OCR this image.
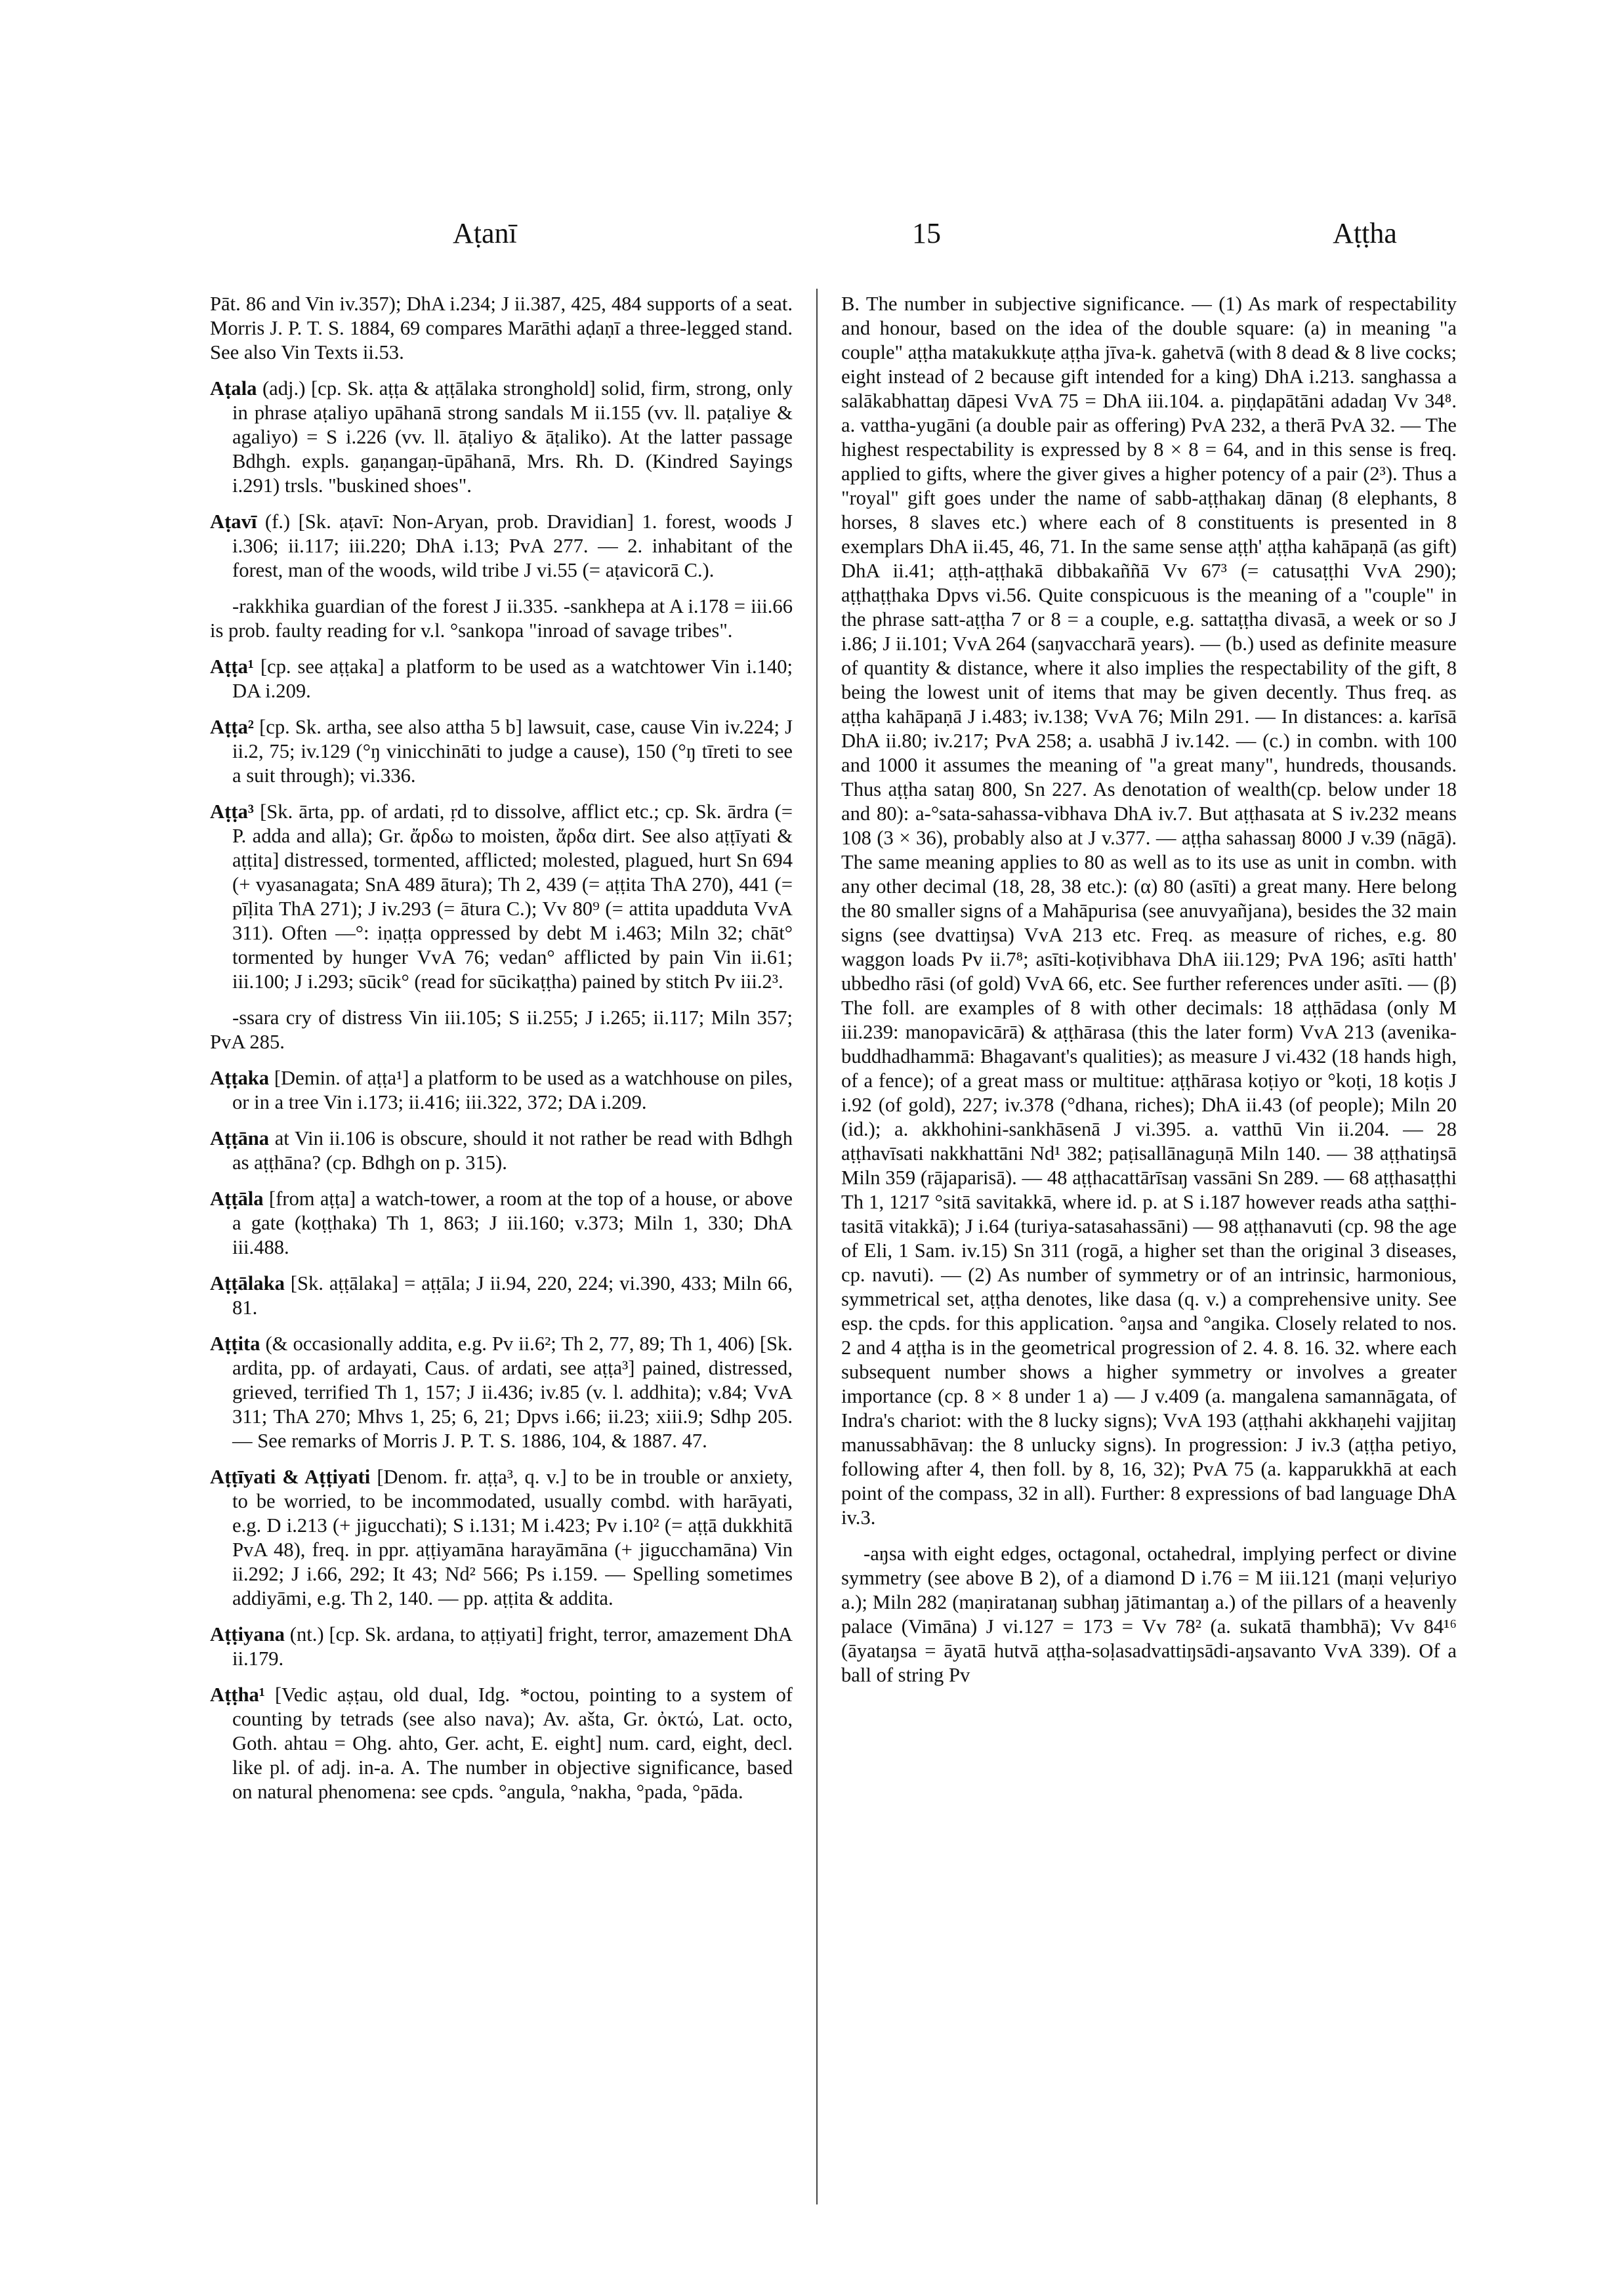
Aṭanī	15	Aṭṭha

Pāt. 86 and Vin iv.357); DhA i.234; J ii.387, 425, 484 supports of a seat. Morris J. P. T. S. 1884, 69 compares Marāthi aḍaṇī a three-legged stand. See also Vin Texts ii.53.

Aṭala (adj.) [cp. Sk. aṭṭa & aṭṭālaka stronghold] solid, firm, strong, only in phrase aṭaliyo upāhanā strong sandals M ii.155 (vv. ll. paṭaliye & agaliyo) = S i.226 (vv. ll. āṭaliyo & āṭaliko). At the latter passage Bdhgh. expls. gaṇangaṇ-ūpāhanā, Mrs. Rh. D. (Kindred Sayings i.291) trsls. "buskined shoes".

Aṭavī (f.) [Sk. aṭavī: Non-Aryan, prob. Dravidian] 1. forest, woods J i.306; ii.117; iii.220; DhA i.13; PvA 277. — 2. inhabitant of the forest, man of the woods, wild tribe J vi.55 (= aṭavicorā C.).

-rakkhika guardian of the forest J ii.335. -sankhepa at A i.178 = iii.66 is prob. faulty reading for v.l. °sankopa "inroad of savage tribes".

Aṭṭa¹ [cp. see aṭṭaka] a platform to be used as a watchtower Vin i.140; DA i.209.

Aṭṭa² [cp. Sk. artha, see also attha 5 b] lawsuit, case, cause Vin iv.224; J ii.2, 75; iv.129 (°ŋ vinicchināti to judge a cause), 150 (°ŋ tīreti to see a suit through); vi.336.

Aṭṭa³ [Sk. ārta, pp. of ardati, ṛd to dissolve, afflict etc.; cp. Sk. ārdra (= P. adda and alla); Gr. ἄρδω to moisten, ἄρδα dirt. See also aṭṭīyati & aṭṭita] distressed, tormented, afflicted; molested, plagued, hurt Sn 694 (+ vyasanagata; SnA 489 ātura); Th 2, 439 (= aṭṭita ThA 270), 441 (= pīḷita ThA 271); J iv.293 (= ātura C.); Vv 80⁹ (= attita upadduta VvA 311). Often —°: iṇaṭṭa oppressed by debt M i.463; Miln 32; chāt° tormented by hunger VvA 76; vedan° afflicted by pain Vin ii.61; iii.100; J i.293; sūcik° (read for sūcikaṭṭha) pained by stitch Pv iii.2³.

-ssara cry of distress Vin iii.105; S ii.255; J i.265; ii.117; Miln 357; PvA 285.

Aṭṭaka [Demin. of aṭṭa¹] a platform to be used as a watchhouse on piles, or in a tree Vin i.173; ii.416; iii.322, 372; DA i.209.

Aṭṭāna at Vin ii.106 is obscure, should it not rather be read with Bdhgh as aṭṭhāna? (cp. Bdhgh on p. 315).

Aṭṭāla [from aṭṭa] a watch-tower, a room at the top of a house, or above a gate (koṭṭhaka) Th 1, 863; J iii.160; v.373; Miln 1, 330; DhA iii.488.

Aṭṭālaka [Sk. aṭṭālaka] = aṭṭāla; J ii.94, 220, 224; vi.390, 433; Miln 66, 81.

Aṭṭita (& occasionally addita, e.g. Pv ii.6²; Th 2, 77, 89; Th 1, 406) [Sk. ardita, pp. of ardayati, Caus. of ardati, see aṭṭa³] pained, distressed, grieved, terrified Th 1, 157; J ii.436; iv.85 (v. l. addhita); v.84; VvA 311; ThA 270; Mhvs 1, 25; 6, 21; Dpvs i.66; ii.23; xiii.9; Sdhp 205. — See remarks of Morris J. P. T. S. 1886, 104, & 1887. 47.

Aṭṭīyati & Aṭṭiyati [Denom. fr. aṭṭa³, q. v.] to be in trouble or anxiety, to be worried, to be incommodated, usually combd. with harāyati, e.g. D i.213 (+ jigucchati); S i.131; M i.423; Pv i.10² (= aṭṭā dukkhitā PvA 48), freq. in ppr. aṭṭiyamāna harayāmāna (+ jigucchamāna) Vin ii.292; J i.66, 292; It 43; Nd² 566; Ps i.159. — Spelling sometimes addiyāmi, e.g. Th 2, 140. — pp. aṭṭita & addita.

Aṭṭiyana (nt.) [cp. Sk. ardana, to aṭṭiyati] fright, terror, amazement DhA ii.179.

Aṭṭha¹ [Vedic aṣṭau, old dual, Idg. *octou, pointing to a system of counting by tetrads (see also nava); Av. ašta, Gr. ὀκτώ, Lat. octo, Goth. ahtau = Ohg. ahto, Ger. acht, E. eight] num. card, eight, decl. like pl. of adj. in-a. A. The number in objective significance, based on natural phenomena: see cpds. °angula, °nakha, °pada, °pāda.

B. The number in subjective significance. — (1) As mark of respectability and honour, based on the idea of the double square: (a) in meaning "a couple" aṭṭha matakukkuṭe aṭṭha jīva-k. gahetvā (with 8 dead & 8 live cocks; eight instead of 2 because gift intended for a king) DhA i.213. sanghassa a salākabhattaŋ dāpesi VvA 75 = DhA iii.104. a. piṇḍapātāni adadaŋ Vv 34⁸. a. vattha-yugāni (a double pair as offering) PvA 232, a therā PvA 32. — The highest respectability is expressed by 8 × 8 = 64, and in this sense is freq. applied to gifts, where the giver gives a higher potency of a pair (2³). Thus a "royal" gift goes under the name of sabb-aṭṭhakaŋ dānaŋ (8 elephants, 8 horses, 8 slaves etc.) where each of 8 constituents is presented in 8 exemplars DhA ii.45, 46, 71. In the same sense aṭṭh' aṭṭha kahāpaṇā (as gift) DhA ii.41; aṭṭh-aṭṭhakā dibbakaññā Vv 67³ (= catusaṭṭhi VvA 290); aṭṭhaṭṭhaka Dpvs vi.56. Quite conspicuous is the meaning of a "couple" in the phrase satt-aṭṭha 7 or 8 = a couple, e.g. sattaṭṭha divasā, a week or so J i.86; J ii.101; VvA 264 (saŋvaccharā years). — (b.) used as definite measure of quantity & distance, where it also implies the respectability of the gift, 8 being the lowest unit of items that may be given decently. Thus freq. as aṭṭha kahāpaṇā J i.483; iv.138; VvA 76; Miln 291. — In distances: a. karīsā DhA ii.80; iv.217; PvA 258; a. usabhā J iv.142. — (c.) in combn. with 100 and 1000 it assumes the meaning of "a great many", hundreds, thousands. Thus aṭṭha sataŋ 800, Sn 227. As denotation of wealth(cp. below under 18 and 80): a-°sata-sahassa-vibhava DhA iv.7. But aṭṭhasata at S iv.232 means 108 (3 × 36), probably also at J v.377. — aṭṭha sahassaŋ 8000 J v.39 (nāgā). The same meaning applies to 80 as well as to its use as unit in combn. with any other decimal (18, 28, 38 etc.): (α) 80 (asīti) a great many. Here belong the 80 smaller signs of a Mahāpurisa (see anuvyañjana), besides the 32 main signs (see dvattiŋsa) VvA 213 etc. Freq. as measure of riches, e.g. 80 waggon loads Pv ii.7⁸; asīti-koṭivibhava DhA iii.129; PvA 196; asīti hatth' ubbedho rāsi (of gold) VvA 66, etc. See further references under asīti. — (β) The foll. are examples of 8 with other decimals: 18 aṭṭhādasa (only M iii.239: manopavicārā) & aṭṭhārasa (this the later form) VvA 213 (avenika-buddhadhammā: Bhagavant's qualities); as measure J vi.432 (18 hands high, of a fence); of a great mass or multitue: aṭṭhārasa koṭiyo or °koṭi, 18 koṭis J i.92 (of gold), 227; iv.378 (°dhana, riches); DhA ii.43 (of people); Miln 20 (id.); a. akkhohini-sankhāsenā J vi.395. a. vatthū Vin ii.204. — 28 aṭṭhavīsati nakkhattāni Nd¹ 382; paṭisallānaguṇā Miln 140. — 38 aṭṭhatiŋsā Miln 359 (rājaparisā). — 48 aṭṭhacattārīsaŋ vassāni Sn 289. — 68 aṭṭhasaṭṭhi Th 1, 1217 °sitā savitakkā, where id. p. at S i.187 however reads atha saṭṭhi-tasitā vitakkā); J i.64 (turiya-satasahassāni) — 98 aṭṭhanavuti (cp. 98 the age of Eli, 1 Sam. iv.15) Sn 311 (rogā, a higher set than the original 3 diseases, cp. navuti). — (2) As number of symmetry or of an intrinsic, harmonious, symmetrical set, aṭṭha denotes, like dasa (q. v.) a comprehensive unity. See esp. the cpds. for this application. °aŋsa and °angika. Closely related to nos. 2 and 4 aṭṭha is in the geometrical progression of 2. 4. 8. 16. 32. where each subsequent number shows a higher symmetry or involves a greater importance (cp. 8 × 8 under 1 a) — J v.409 (a. mangalena samannāgata, of Indra's chariot: with the 8 lucky signs); VvA 193 (aṭṭhahi akkhaṇehi vajjitaŋ manussabhāvaŋ: the 8 unlucky signs). In progression: J iv.3 (aṭṭha petiyo, following after 4, then foll. by 8, 16, 32); PvA 75 (a. kapparukkhā at each point of the compass, 32 in all). Further: 8 expressions of bad language DhA iv.3.

-aŋsa with eight edges, octagonal, octahedral, implying perfect or divine symmetry (see above B 2), of a diamond D i.76 = M iii.121 (maṇi veḷuriyo a.); Miln 282 (maṇiratanaŋ subhaŋ jātimantaŋ a.) of the pillars of a heavenly palace (Vimāna) J vi.127 = 173 = Vv 78² (a. sukatā thambhā); Vv 84¹⁶ (āyataŋsa = āyatā hutvā aṭṭha-soḷasadvattiŋsādi-aŋsavanto VvA 339). Of a ball of string Pv
